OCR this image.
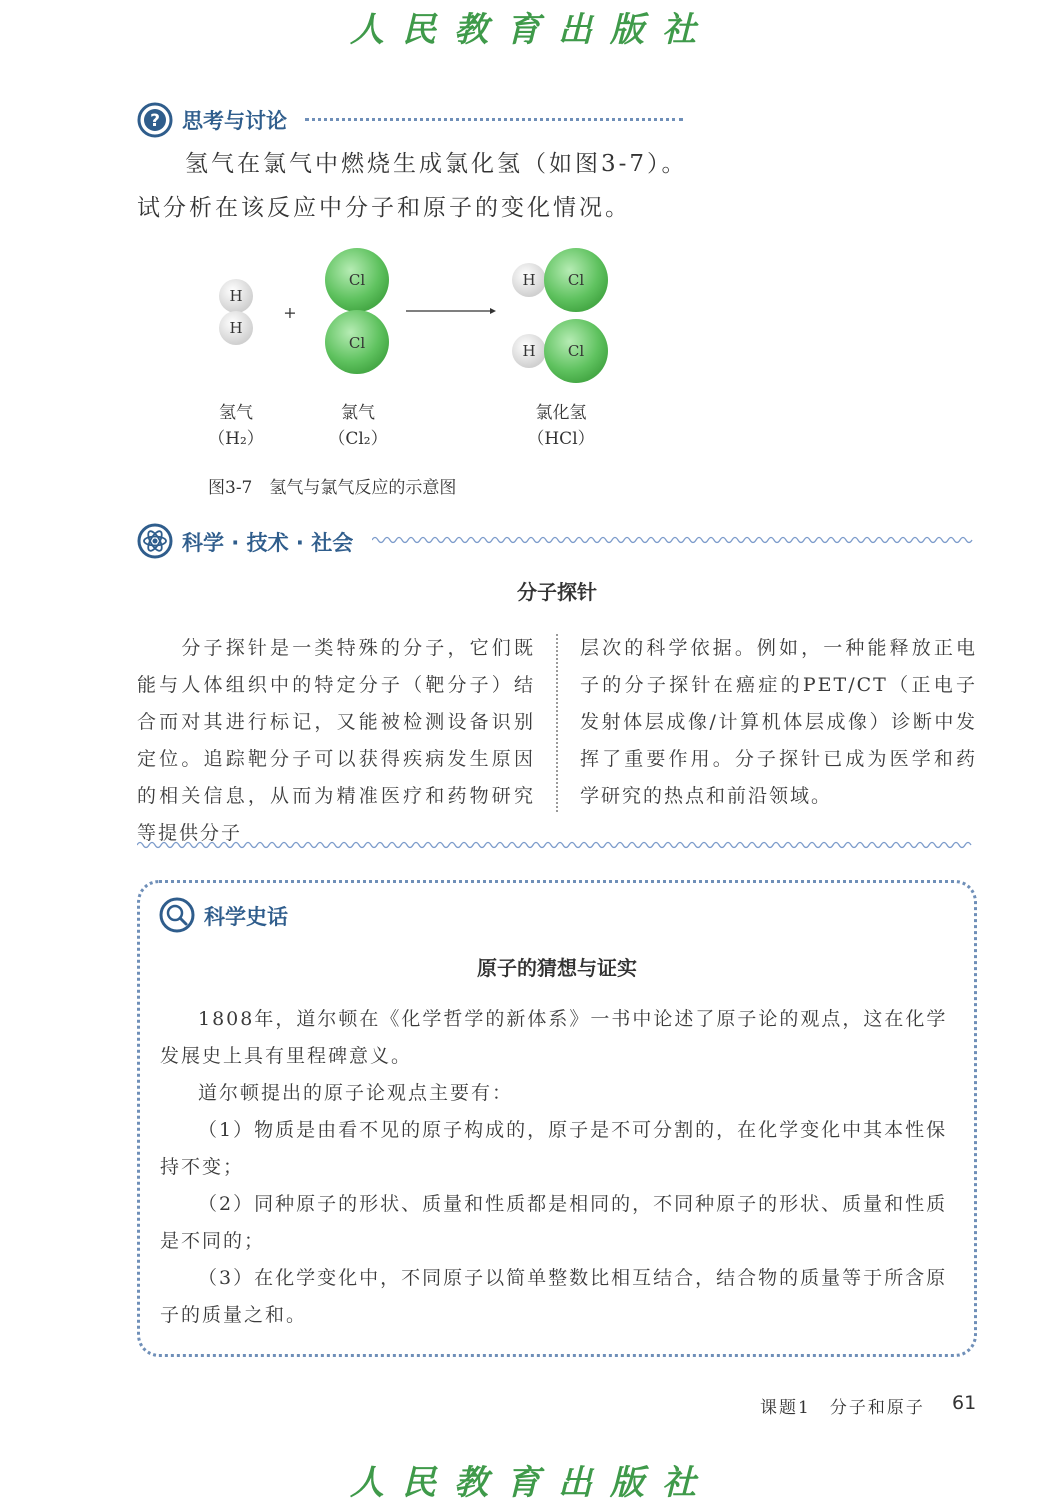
人民教育出版社
? 思考与讨论
氢气在氯气中燃烧生成氯化氢（如图3-7）。
试分析在该反应中分子和原子的变化情况。
H
H
+
Cl
Cl
H Cl
H Cl
氢气
（H₂）
氯气
（Cl₂）
氯化氢
（HCl）
图3-7　氢气与氯气反应的示意图
科学 · 技术 · 社会
分子探针
　　分子探针是一类特殊的分子，它们既能与人体组织中的特定分子（靶分子）结合而对其进行标记，又能被检测设备识别定位。追踪靶分子可以获得疾病发生原因的相关信息，从而为精准医疗和药物研究等提供分子
层次的科学依据。例如，一种能释放正电子的分子探针在癌症的PET/CT（正电子发射体层成像/计算机体层成像）诊断中发挥了重要作用。分子探针已成为医学和药学研究的热点和前沿领域。
科学史话
原子的猜想与证实

1808年，道尔顿在《化学哲学的新体系》一书中论述了原子论的观点，这在化学发展史上具有里程碑意义。

道尔顿提出的原子论观点主要有：

（1）物质是由看不见的原子构成的，原子是不可分割的，在化学变化中其本性保持不变；

（2）同种原子的形状、质量和性质都是相同的，不同种原子的形状、质量和性质是不同的；

（3）在化学变化中，不同原子以简单整数比相互结合，结合物的质量等于所含原子的质量之和。

课题1　分子和原子 61
人民教育出版社
